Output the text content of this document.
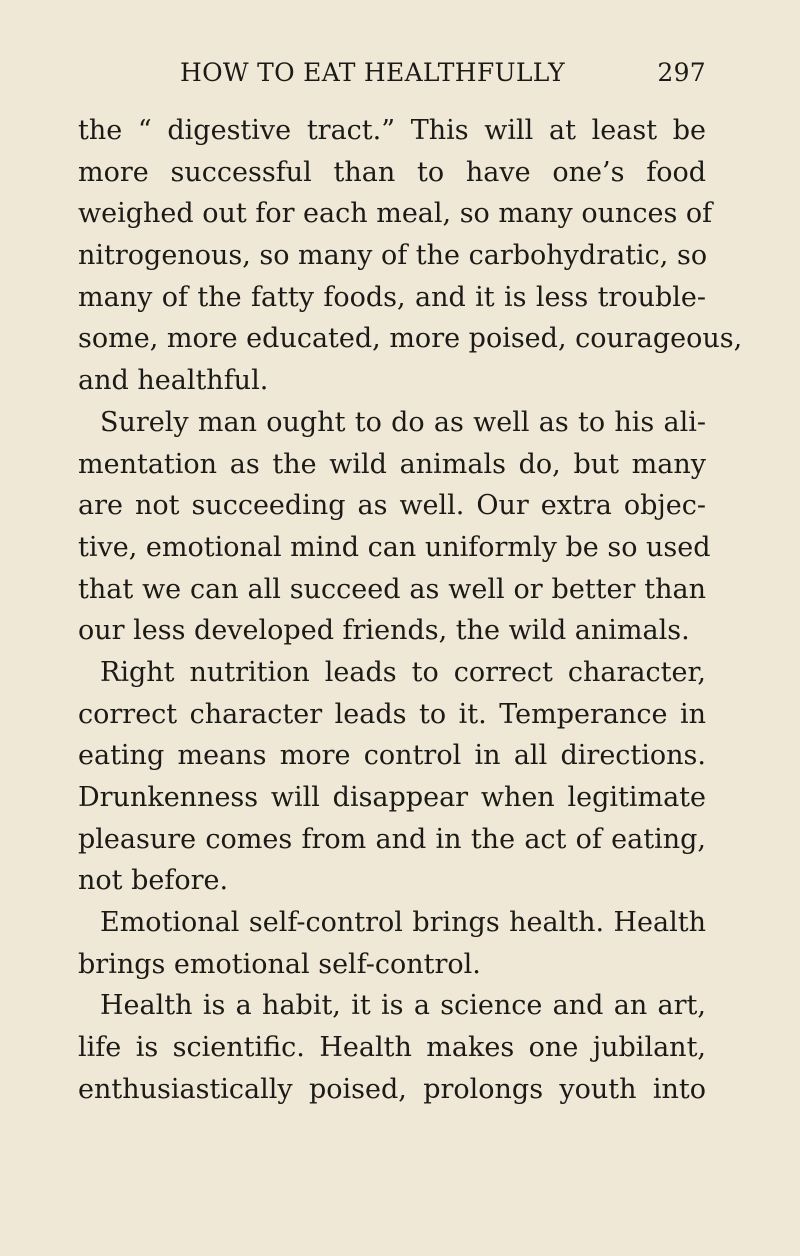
HOW TO EAT HEALTHFULLY	297
the “ digestive tract.” This will at least be
more successful than to have one’s food
weighed out for each meal, so many ounces of
nitrogenous, so many of the carbohydratic, so
many of the fatty foods, and it is less trouble-
some, more educated, more poised, courageous,
and healthful.
Surely man ought to do as well as to his ali-
mentation as the wild animals do, but many
are not succeeding as well. Our extra objec-
tive, emotional mind can uniformly be so used
that we can all succeed as well or better than
our less developed friends, the wild animals.
Right nutrition leads to correct character,
correct character leads to it. Temperance in
eating means more control in all directions.
Drunkenness will disappear when legitimate
pleasure comes from and in the act of eating,
not before.
Emotional self-control brings health. Health
brings emotional self-control.
Health is a habit, it is a science and an art,
life is scientific. Health makes one jubilant,
enthusiastically poised, prolongs youth into
